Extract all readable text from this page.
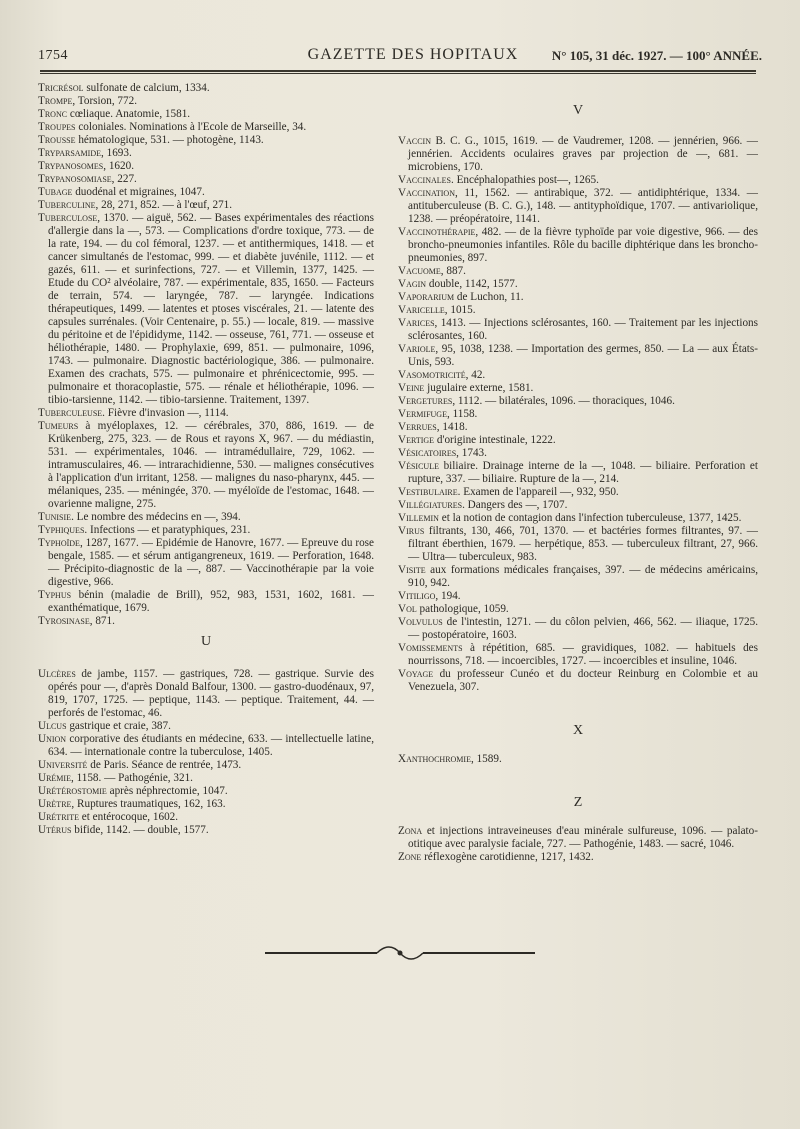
1754	GAZETTE DES HOPITAUX	N° 105, 31 déc. 1927. — 100° ANNÉE.

Tricrésol sulfonate de calcium, 1334.

Trompe, Torsion, 772.

Tronc cœliaque. Anatomie, 1581.

Troupes coloniales. Nominations à l'Ecole de Marseille, 34.

Trousse hématologique, 531. — photogène, 1143.

Tryparsamide, 1693.

Trypanosomes, 1620.

Trypanosomiase, 227.

Tubage duodénal et migraines, 1047.

Tuberculine, 28, 271, 852. — à l'œuf, 271.

Tuberculose, 1370. — aiguë, 562. — Bases expérimentales des réactions d'allergie dans la —, 573. — Complications d'ordre toxique, 773. — de la rate, 194. — du col fémoral, 1237. — et antithermiques, 1418. — et cancer simultanés de l'estomac, 999. — et diabète juvénile, 1112. — et gazés, 611. — et surinfections, 727. — et Villemin, 1377, 1425. — Etude du CO² alvéolaire, 787. — expérimentale, 835, 1650. — Facteurs de terrain, 574. — laryngée, 787. — laryngée. Indications thérapeutiques, 1499. — latentes et ptoses viscérales, 21. — latente des capsules surrénales. (Voir Centenaire, p. 55.) — locale, 819. — massive du péritoine et de l'épididyme, 1142. — osseuse, 761, 771. — osseuse et héliothérapie, 1480. — Prophylaxie, 699, 851. — pulmonaire, 1096, 1743. — pulmonaire. Diagnostic bactériologique, 386. — pulmonaire. Examen des crachats, 575. — pulmonaire et phrénicectomie, 995. — pulmonaire et thoracoplastie, 575. — rénale et héliothérapie, 1096. — tibio-tarsienne, 1142. — tibio-tarsienne. Traitement, 1397.

Tuberculeuse. Fièvre d'invasion —, 1114.

Tumeurs à myéloplaxes, 12. — cérébrales, 370, 886, 1619. — de Krükenberg, 275, 323. — de Rous et rayons X, 967. — du médiastin, 531. — expérimentales, 1046. — intramédullaire, 729, 1062. — intramusculaires, 46. — intrarachidienne, 530. — malignes consécutives à l'application d'un irritant, 1258. — malignes du naso-pharynx, 445. — mélaniques, 235. — méningée, 370. — myéloïde de l'estomac, 1648. — ovarienne maligne, 275.

Tunisie. Le nombre des médecins en —, 394.

Typhiques. Infections — et paratyphiques, 231.

Typhoïde, 1287, 1677. — Epidémie de Hanovre, 1677. — Epreuve du rose bengale, 1585. — et sérum antigangreneux, 1619. — Perforation, 1648. — Précipito-diagnostic de la —, 887. — Vaccinothérapie par la voie digestive, 966.

Typhus bénin (maladie de Brill), 952, 983, 1531, 1602, 1681. — exanthématique, 1679.

Tyrosinase, 871.

U

Ulcères de jambe, 1157. — gastriques, 728. — gastrique. Survie des opérés pour —, d'après Donald Balfour, 1300. — gastro-duodénaux, 97, 819, 1707, 1725. — peptique, 1143. — peptique. Traitement, 44. — perforés de l'estomac, 46.

Ulcus gastrique et craie, 387.

Union corporative des étudiants en médecine, 633. — intellectuelle latine, 634. — internationale contre la tuberculose, 1405.

Université de Paris. Séance de rentrée, 1473.

Urémie, 1158. — Pathogénie, 321.

Urétérostomie après néphrectomie, 1047.

Urètre, Ruptures traumatiques, 162, 163.

Urétrite et entérocoque, 1602.

Utérus bifide, 1142. — double, 1577.

V

Vaccin B. C. G., 1015, 1619. — de Vaudremer, 1208. — jennérien, 966. — jennérien. Accidents oculaires graves par projection de —, 681. — microbiens, 170.

Vaccinales. Encéphalopathies post—, 1265.

Vaccination, 11, 1562. — antirabique, 372. — antidiphtérique, 1334. — antituberculeuse (B. C. G.), 148. — antityphoïdique, 1707. — antivariolique, 1238. — préopératoire, 1141.

Vaccinothérapie, 482. — de la fièvre typhoïde par voie digestive, 966. — des broncho-pneumonies infantiles. Rôle du bacille diphtérique dans les broncho-pneumonies, 897.

Vacuome, 887.

Vagin double, 1142, 1577.

Vaporarium de Luchon, 11.

Varicelle, 1015.

Varices, 1413. — Injections sclérosantes, 160. — Traitement par les injections sclérosantes, 160.

Variole, 95, 1038, 1238. — Importation des germes, 850. — La — aux États-Unis, 593.

Vasomotricité, 42.

Veine jugulaire externe, 1581.

Vergetures, 1112. — bilatérales, 1096. — thoraciques, 1046.

Vermifuge, 1158.

Verrues, 1418.

Vertige d'origine intestinale, 1222.

Vésicatoires, 1743.

Vésicule biliaire. Drainage interne de la —, 1048. — biliaire. Perforation et rupture, 337. — biliaire. Rupture de la —, 214.

Vestibulaire. Examen de l'appareil —, 932, 950.

Villégiatures. Dangers des —, 1707.

Villemin et la notion de contagion dans l'infection tuberculeuse, 1377, 1425.

Virus filtrants, 130, 466, 701, 1370. — et bactéries formes filtrantes, 97. — filtrant éberthien, 1679. — herpétique, 853. — tuberculeux filtrant, 27, 966. — Ultra— tuberculeux, 983.

Visite aux formations médicales françaises, 397. — de médecins américains, 910, 942.

Vitiligo, 194.

Vol pathologique, 1059.

Volvulus de l'intestin, 1271. — du côlon pelvien, 466, 562. — iliaque, 1725. — postopératoire, 1603.

Vomissements à répétition, 685. — gravidiques, 1082. — habituels des nourrissons, 718. — incoercibles, 1727. — incoercibles et insuline, 1046.

Voyage du professeur Cunéo et du docteur Reinburg en Colombie et au Venezuela, 307.

X

Xanthochromie, 1589.

Z

Zona et injections intraveineuses d'eau minérale sulfureuse, 1096. — palato-otitique avec paralysie faciale, 727. — Pathogénie, 1483. — sacré, 1046.

Zone réflexogène carotidienne, 1217, 1432.
